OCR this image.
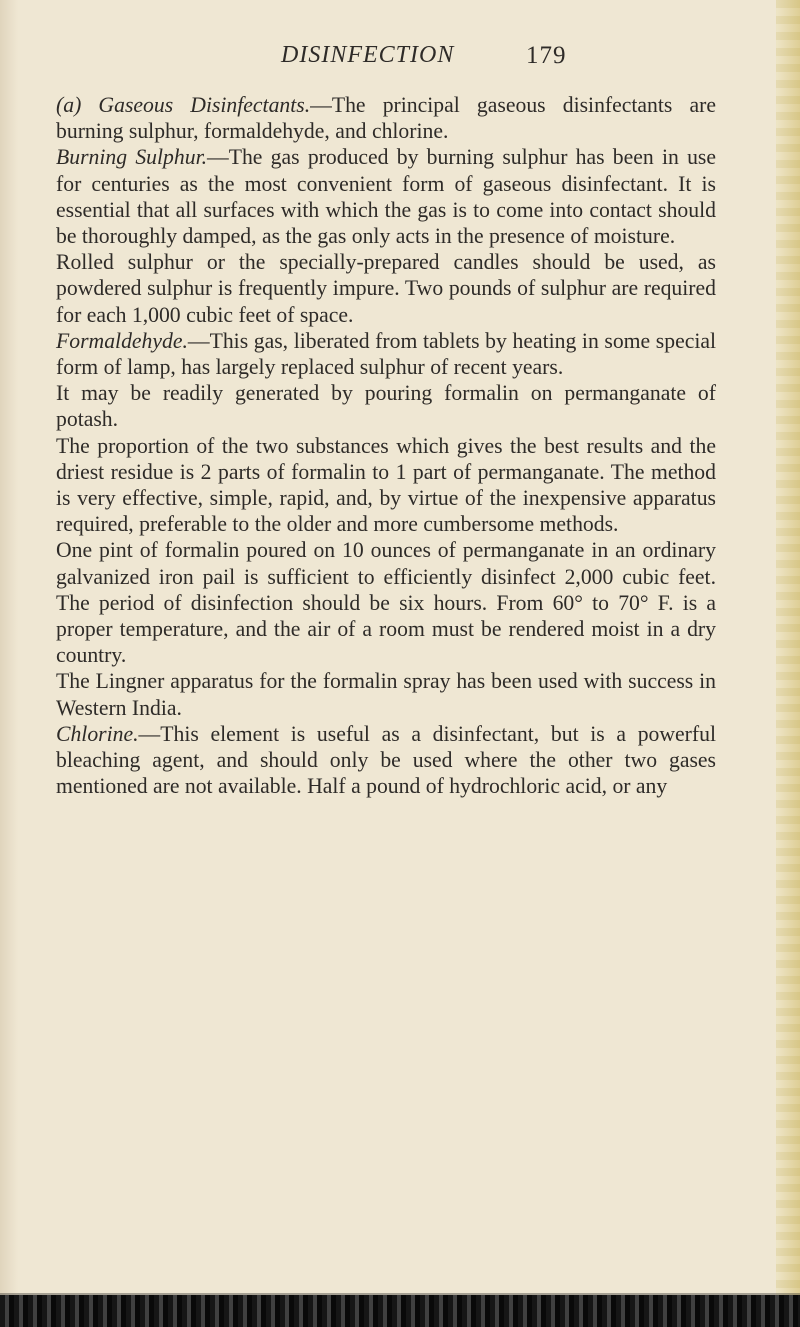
DISINFECTION	179

(a) Gaseous Disinfectants.—The principal gaseous disinfectants are burning sulphur, formaldehyde, and chlorine.

Burning Sulphur.—The gas produced by burning sulphur has been in use for centuries as the most convenient form of gaseous disinfectant. It is essential that all surfaces with which the gas is to come into contact should be thoroughly damped, as the gas only acts in the presence of moisture.

Rolled sulphur or the specially-prepared candles should be used, as powdered sulphur is frequently impure. Two pounds of sulphur are required for each 1,000 cubic feet of space.

Formaldehyde.—This gas, liberated from tablets by heating in some special form of lamp, has largely replaced sulphur of recent years.

It may be readily generated by pouring formalin on permanganate of potash.

The proportion of the two substances which gives the best results and the driest residue is 2 parts of formalin to 1 part of permanganate. The method is very effective, simple, rapid, and, by virtue of the inexpensive apparatus required, preferable to the older and more cumbersome methods.

One pint of formalin poured on 10 ounces of permanganate in an ordinary galvanized iron pail is sufficient to efficiently disinfect 2,000 cubic feet. The period of disinfection should be six hours. From 60° to 70° F. is a proper temperature, and the air of a room must be rendered moist in a dry country.

The Lingner apparatus for the formalin spray has been used with success in Western India.

Chlorine.—This element is useful as a disinfectant, but is a powerful bleaching agent, and should only be used where the other two gases mentioned are not available. Half a pound of hydrochloric acid, or any
